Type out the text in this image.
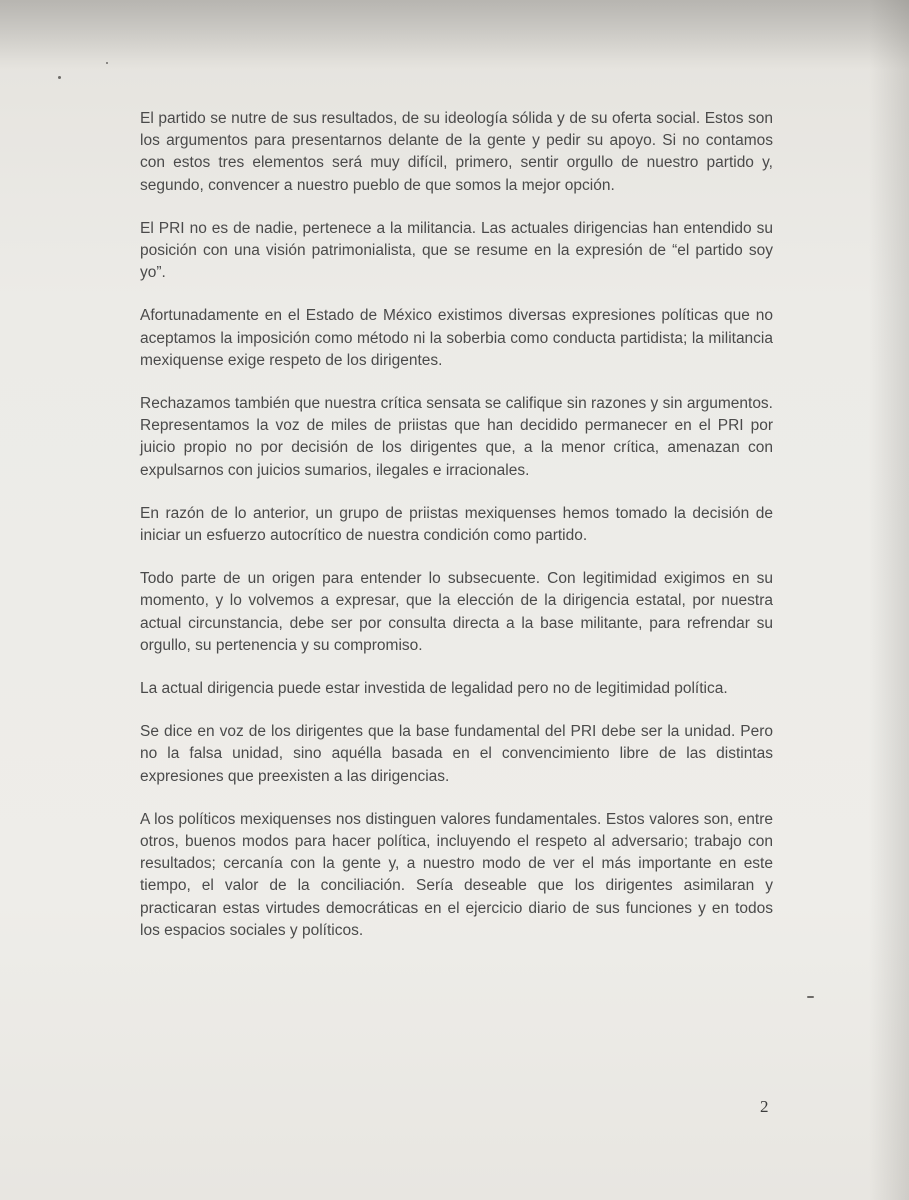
El partido se nutre de sus resultados, de su ideología sólida y de su oferta social. Estos son los argumentos para presentarnos delante de la gente y pedir su apoyo. Si no contamos con estos tres elementos será muy difícil, primero, sentir orgullo de nuestro partido y, segundo, convencer a nuestro pueblo de que somos la mejor opción.

El PRI no es de nadie, pertenece a la militancia. Las actuales dirigencias han entendido su posición con una visión patrimonialista, que se resume en la expresión de “el partido soy yo”.

Afortunadamente en el Estado de México existimos diversas expresiones políticas que no aceptamos la imposición como método ni la soberbia como conducta partidista; la militancia mexiquense exige respeto de los dirigentes.

Rechazamos también que nuestra crítica sensata se califique sin razones y sin argumentos. Representamos la voz de miles de priistas que han decidido permanecer en el PRI por juicio propio no por decisión de los dirigentes que, a la menor crítica, amenazan con expulsarnos con juicios sumarios, ilegales e irracionales.

En razón de lo anterior, un grupo de priistas mexiquenses hemos tomado la decisión de iniciar un esfuerzo autocrítico de nuestra condición como partido.

Todo parte de un origen para entender lo subsecuente. Con legitimidad exigimos en su momento, y lo volvemos a expresar, que la elección de la dirigencia estatal, por nuestra actual circunstancia, debe ser por consulta directa a la base militante, para refrendar su orgullo, su pertenencia y su compromiso.

La actual dirigencia puede estar investida de legalidad pero no de legitimidad política.

Se dice en voz de los dirigentes que la base fundamental del PRI debe ser la unidad. Pero no la falsa unidad, sino aquélla basada en el convencimiento libre de las distintas expresiones que preexisten a las dirigencias.

A los políticos mexiquenses nos distinguen valores fundamentales. Estos valores son, entre otros, buenos modos para hacer política, incluyendo el respeto al adversario; trabajo con resultados; cercanía con la gente y, a nuestro modo de ver el más importante en este tiempo, el valor de la conciliación. Sería deseable que los dirigentes asimilaran y practicaran estas virtudes democráticas en el ejercicio diario de sus funciones y en todos los espacios sociales y políticos.

2
